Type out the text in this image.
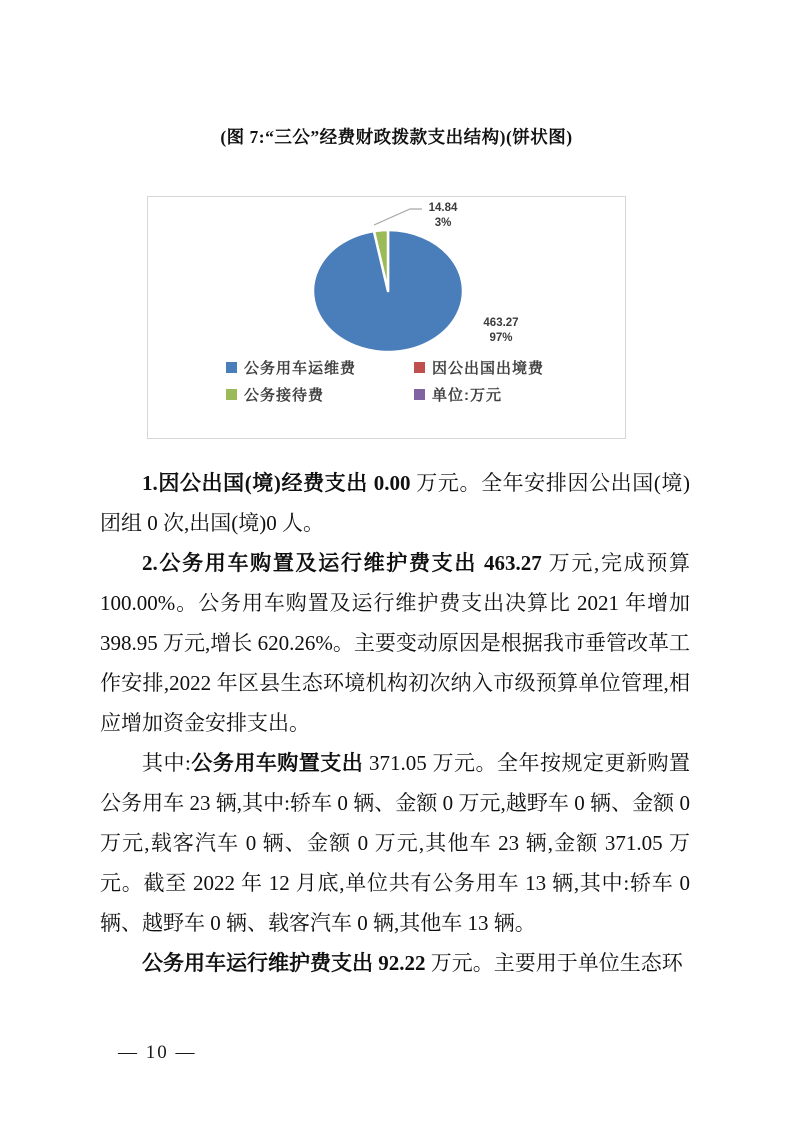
(图 7:“三公”经费财政拨款支出结构)(饼状图)
14.84
3%
463.27
97%
公务用车运维费	因公出国出境费
公务接待费	单位:万元

1.因公出国(境)经费支出 0.00 万元。全年安排因公出国(境)团组 0 次,出国(境)0 人。

2.公务用车购置及运行维护费支出 463.27 万元,完成预算 100.00%。公务用车购置及运行维护费支出决算比 2021 年增加 398.95 万元,增长 620.26%。主要变动原因是根据我市垂管改革工作安排,2022 年区县生态环境机构初次纳入市级预算单位管理,相应增加资金安排支出。

其中:公务用车购置支出 371.05 万元。全年按规定更新购置公务用车 23 辆,其中:轿车 0 辆、金额 0 万元,越野车 0 辆、金额 0 万元,载客汽车 0 辆、金额 0 万元,其他车 23 辆,金额 371.05 万元。截至 2022 年 12 月底,单位共有公务用车 13 辆,其中:轿车 0 辆、越野车 0 辆、载客汽车 0 辆,其他车 13 辆。

公务用车运行维护费支出 92.22 万元。主要用于单位生态环

— 10 —
